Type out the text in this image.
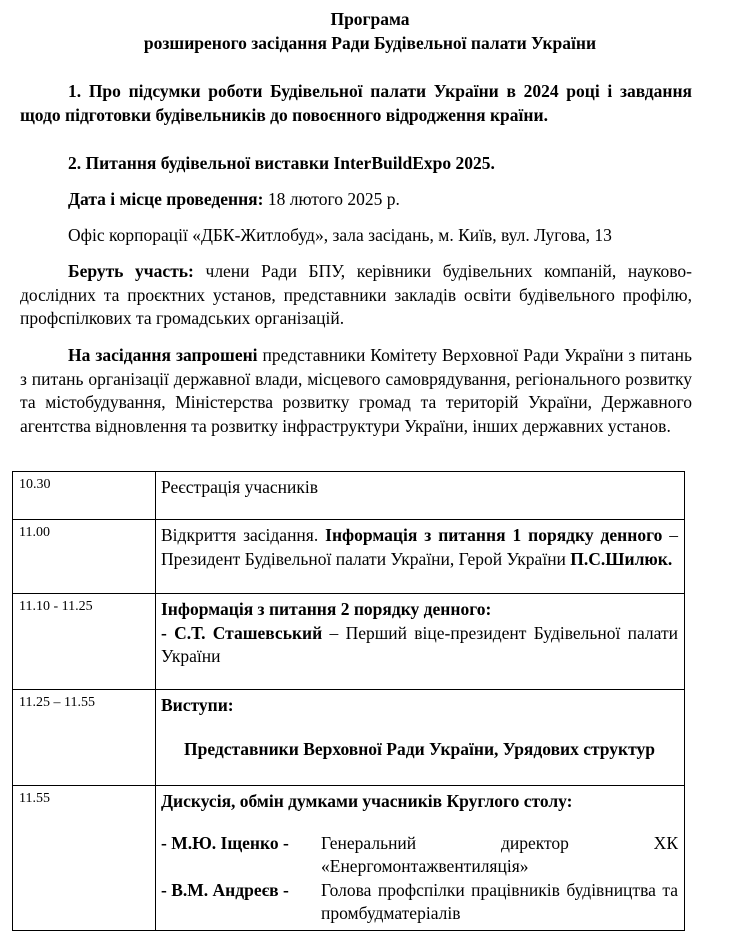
Програма
розширеного засідання Ради Будівельної палати України
1. Про підсумки роботи Будівельної палати України в 2024 році і завдання щодо підготовки будівельників до повоєнного відродження країни.
2. Питання будівельної виставки InterBuildExpo 2025.
Дата і місце проведення: 18 лютого 2025 р.
Офіс корпорації «ДБК-Житлобуд», зала засідань, м. Київ, вул. Лугова, 13
Беруть участь: члени Ради БПУ, керівники будівельних компаній, науково-дослідних та проєктних установ, представники закладів освіти будівельного профілю, профспілкових та громадських організацій.
На засідання запрошені представники Комітету Верховної Ради України з питань з питань організації державної влади, місцевого самоврядування, регіонального розвитку та містобудування, Міністерства розвитку громад та територій України, Державного агентства відновлення та розвитку інфраструктури України, інших державних установ.
10.30	Реєстрація учасників
11.00	Відкриття засідання. Інформація з питання 1 порядку денного – Президент Будівельної палати України, Герой України П.С.Шилюк.
11.10 - 11.25	Інформація з питання 2 порядку денного:
- С.Т. Сташевський – Перший віце-президент Будівельної палати України

11.25 – 11.55	Виступи:
Представники Верховної Ради України, Урядових структур

11.55	Дискусія, обмін думками учасників Круглого столу:
- М.Ю. Іщенко - Генеральний директор ХК «Енергомонтажвентиляція»
- В.М. Андреєв - Голова профспілки працівників будівництва та промбудматеріалів
